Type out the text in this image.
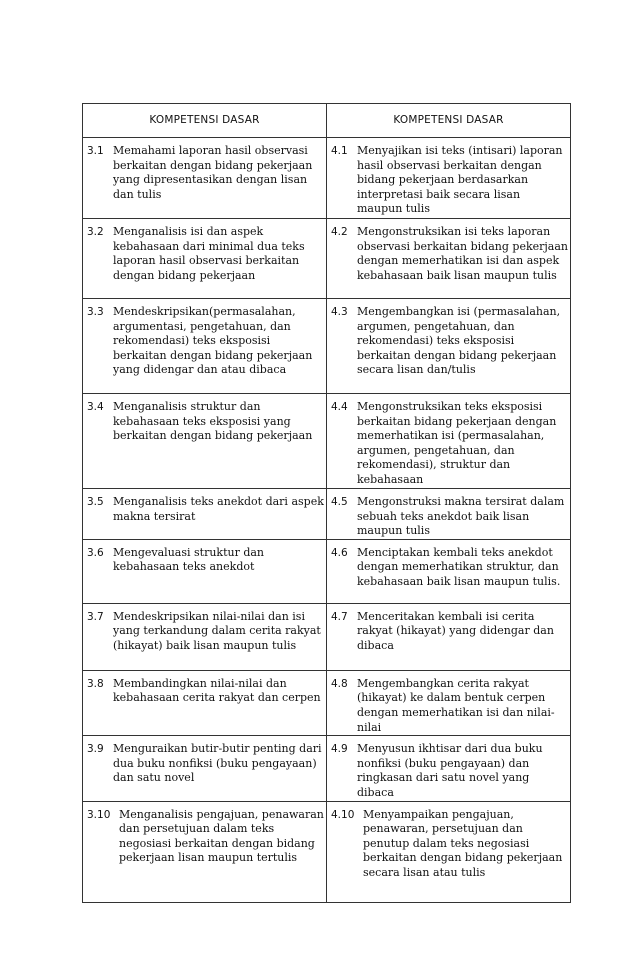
KOMPETENSI DASAR	KOMPETENSI DASAR

3.1 Memahami laporan hasil observasi berkaitan dengan bidang pekerjaan yang dipresentasikan dengan lisan dan tulis	4.1 Menyajikan isi teks (intisari) laporan hasil observasi berkaitan dengan bidang pekerjaan berdasarkan interpretasi baik secara lisan maupun tulis

3.2 Menganalisis isi dan aspek kebahasaan dari minimal dua teks laporan hasil observasi berkaitan dengan bidang pekerjaan	4.2 Mengonstruksikan isi teks laporan observasi berkaitan bidang pekerjaan dengan memerhatikan isi dan aspek kebahasaan baik lisan maupun tulis

3.3 Mendeskripsikan(permasalahan, argumentasi, pengetahuan, dan rekomendasi) teks eksposisi berkaitan dengan bidang pekerjaan yang didengar dan atau dibaca	4.3 Mengembangkan isi (permasalahan, argumen, pengetahuan, dan rekomendasi) teks eksposisi berkaitan dengan bidang pekerjaan secara lisan dan/tulis

3.4 Menganalisis struktur dan kebahasaan teks eksposisi yang berkaitan dengan bidang pekerjaan	4.4 Mengonstruksikan teks eksposisi berkaitan bidang pekerjaan dengan memerhatikan isi (permasalahan, argumen, pengetahuan, dan rekomendasi), struktur dan kebahasaan

3.5 Menganalisis teks anekdot dari aspek makna tersirat	4.5 Mengonstruksi makna tersirat dalam sebuah teks anekdot baik lisan maupun tulis

3.6 Mengevaluasi struktur dan kebahasaan teks anekdot	4.6 Menciptakan kembali teks anekdot dengan memerhatikan struktur, dan kebahasaan baik lisan maupun tulis.

3.7 Mendeskripsikan nilai-nilai dan isi yang terkandung dalam cerita rakyat (hikayat) baik lisan maupun tulis	4.7 Menceritakan kembali isi cerita rakyat (hikayat) yang didengar dan dibaca

3.8 Membandingkan nilai-nilai dan kebahasaan cerita rakyat dan cerpen	4.8 Mengembangkan cerita rakyat (hikayat) ke dalam bentuk cerpen dengan memerhatikan isi dan nilai-nilai

3.9 Menguraikan butir-butir penting dari dua buku nonfiksi (buku pengayaan) dan satu novel	4.9 Menyusun ikhtisar dari dua buku nonfiksi (buku pengayaan) dan ringkasan dari satu novel yang dibaca

3.10 Menganalisis pengajuan, penawaran dan persetujuan dalam teks negosiasi berkaitan dengan bidang pekerjaan lisan maupun tertulis	4.10 Menyampaikan pengajuan, penawaran, persetujuan dan penutup dalam teks negosiasi berkaitan dengan bidang pekerjaan secara lisan atau tulis
